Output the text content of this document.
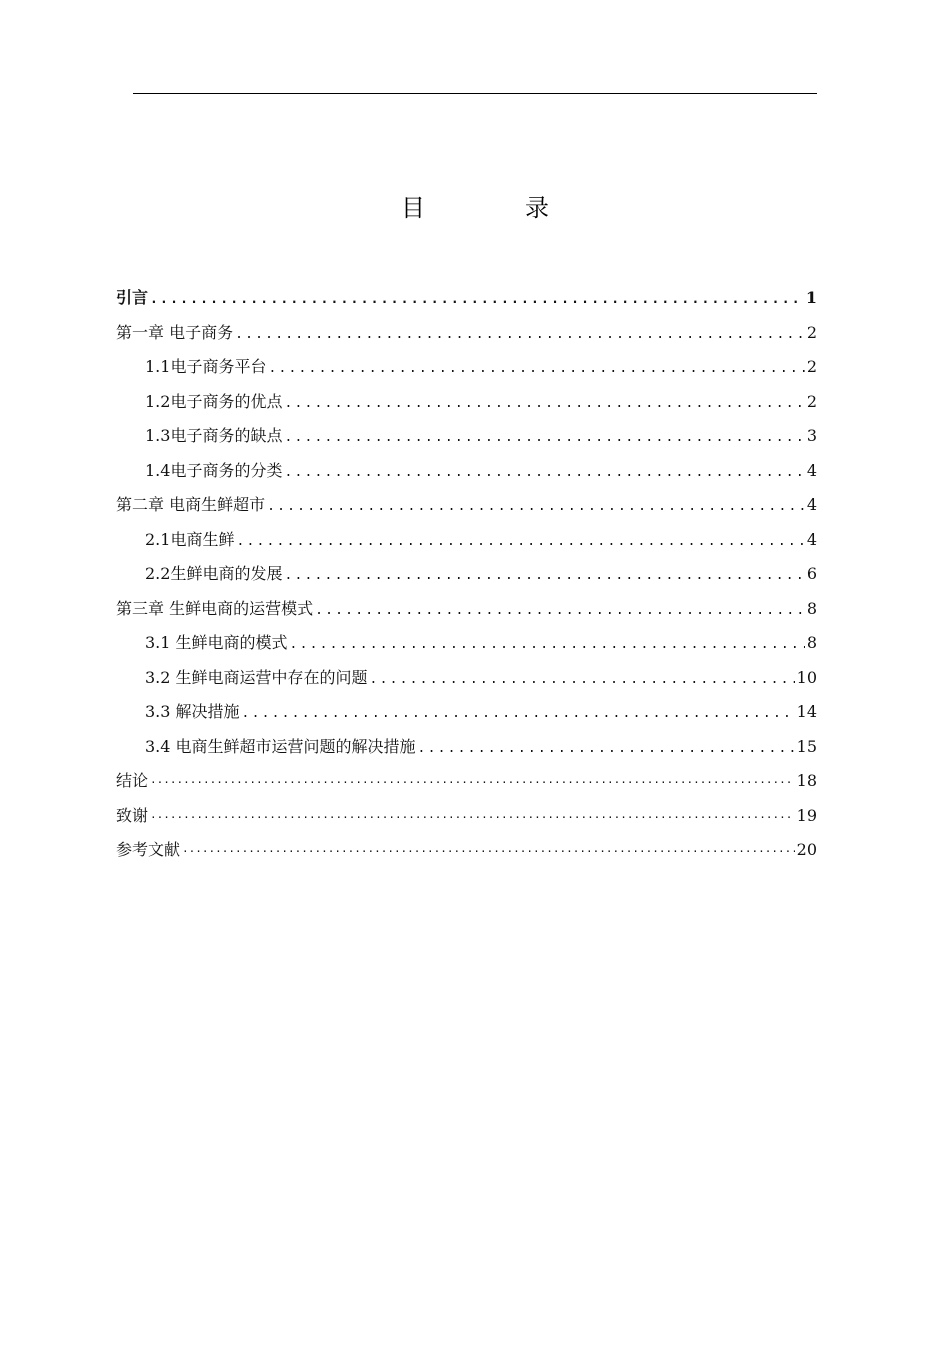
目　录
引言 .....	1
第一章 电子商务 .....	2
1.1电子商务平台 .....	2
1.2电子商务的优点 .....	2
1.3电子商务的缺点 .....	3
1.4电子商务的分类 .....	4
第二章 电商生鲜超市 .....	4
2.1电商生鲜 .....	4
2.2生鲜电商的发展 .....	6
第三章 生鲜电商的运营模式 .....	8
3.1 生鲜电商的模式 .....	8
3.2 生鲜电商运营中存在的问题 .....	10
3.3 解决措施 .....	14
3.4 电商生鲜超市运营问题的解决措施 .....	15
结论 ·····	18
致谢 ·····	19
参考文献 ·····	20
